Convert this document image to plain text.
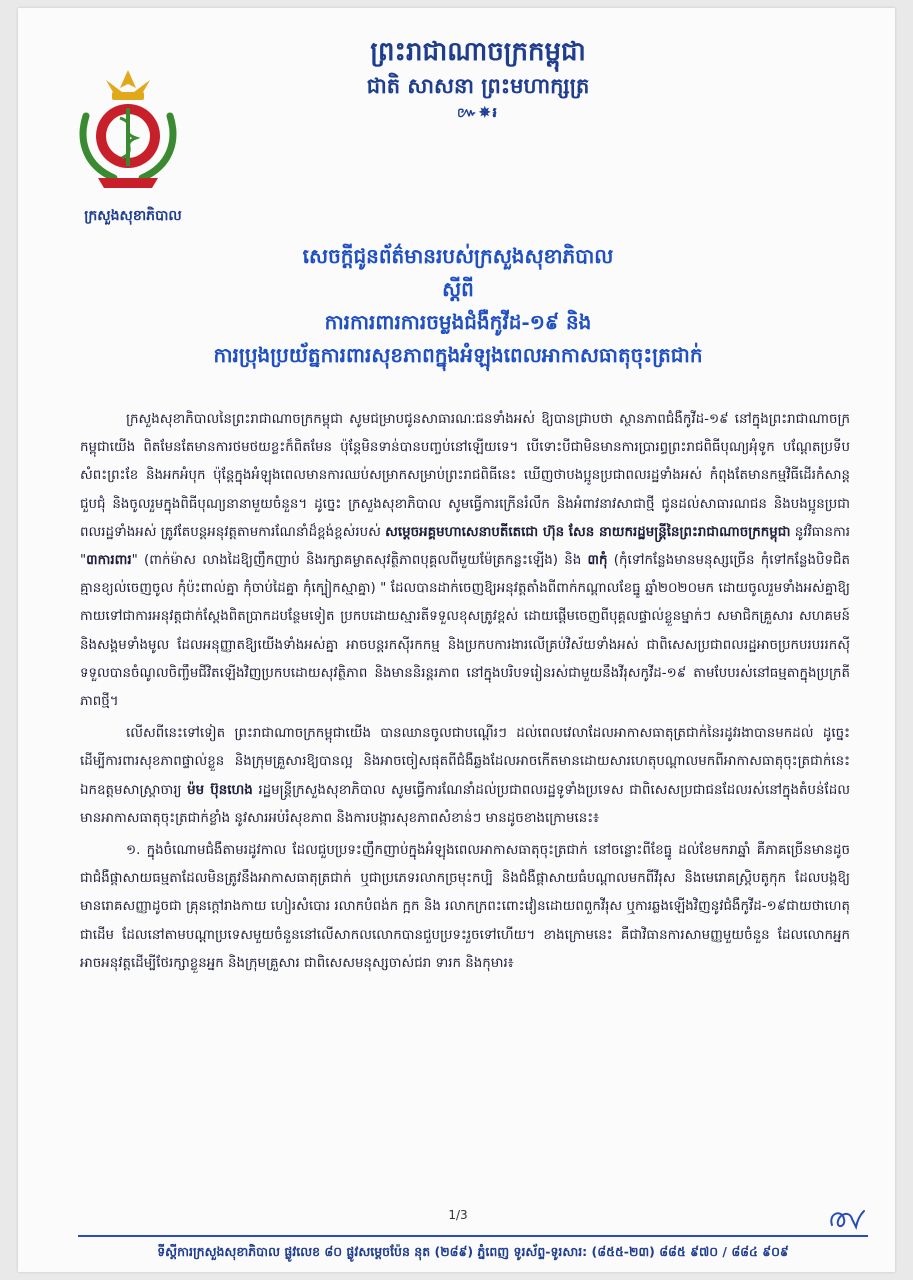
ក្រសួងសុខាភិបាល
ព្រះរាជាណាចក្រកម្ពុជា
ជាតិ សាសនា ព្រះមហាក្សត្រ
៚✵៛
សេចក្តីជូនព័ត៌មានរបស់ក្រសួងសុខាភិបាល
ស្តីពី
ការការពារការចម្លងជំងឺកូវីដ-១៩ និង
ការប្រុងប្រយ័ត្នការពារសុខភាពក្នុងអំឡុងពេលអាកាសធាតុចុះត្រជាក់

ក្រសួងសុខាភិបាលនៃព្រះរាជាណាចក្រកម្ពុជា សូមជម្រាបជូនសាធារណៈជនទាំងអស់ ឱ្យបានជ្រាបថា ស្ថានភាពជំងឺកូវីដ-១៩ នៅក្នុងព្រះរាជាណាចក្រកម្ពុជាយើង ពិតមែនតែមានការថមថយខ្លះក៏ពិតមែន ប៉ុន្តែមិនទាន់បានបញ្ចប់នៅឡើយទេ។ បើទោះបីជាមិនមានការប្រារព្ធព្រះរាជពិធីបុណ្យអុំទូក បណ្តែតប្រទីប សំពះព្រះខែ និងអកអំបុក ប៉ុន្តែក្នុងអំឡុងពេលមានការឈប់សម្រាកសម្រាប់ព្រះរាជពិធីនេះ ឃើញថាបងប្អូនប្រជាពលរដ្ឋទាំងអស់ កំពុងតែមានកម្មវិធីដើរកំសាន្ត ជួបជុំ និងចូលរួមក្នុងពិធីបុណ្យនានាមួយចំនួន។ ដូច្នេះ ក្រសួងសុខាភិបាល សូមធ្វើការក្រើនរំលឹក និងអំពាវនាវសាជាថ្មី ជូនដល់សាធារណជន និងបងប្អូនប្រជាពលរដ្ឋទាំងអស់ ត្រូវតែបន្តអនុវត្តតាមការណែនាំដ៏ខ្ពង់ខ្ពស់របស់ សម្តេចអគ្គមហាសេនាបតីតេជោ ហ៊ុន សែន នាយករដ្ឋមន្ត្រីនៃព្រះរាជាណាចក្រកម្ពុជា នូវវិធានការ "៣ការពារ" (ពាក់ម៉ាស លាងដៃឱ្យញឹកញាប់ និងរក្សាគម្លាតសុវត្ថិភាពបុគ្គលពីមួយម៉ែត្រកន្លះឡើង) និង ៣កុំ (កុំទៅកន្លែងមានមនុស្សច្រើន កុំទៅកន្លែងបិទជិតគ្មានខ្យល់ចេញចូល កុំប៉ះពាល់គ្នា កុំចាប់ដៃគ្នា កុំក្បៀកស្មាគ្នា) " ដែលបានដាក់ចេញឱ្យអនុវត្តតាំងពីពាក់កណ្តាលខែធ្នូ ឆ្នាំ២០២០មក ដោយចូលរួមទាំងអស់គ្នាឱ្យកាយទៅជាការអនុវត្តជាក់ស្តែងពិតប្រាកដបន្ថែមទៀត ប្រកបដោយស្មារតីទទួលខុសត្រូវខ្ពស់ ដោយផ្តើមចេញពីបុគ្គលផ្ទាល់ខ្លួនម្នាក់ៗ សមាជិកគ្រួសារ សហគមន៍ និងសង្គមទាំងមូល ដែលអនុញ្ញាតឱ្យយើងទាំងអស់គ្នា អាចបន្តរកស៊ីរកកម្ម និងប្រកបការងារលើគ្រប់វិស័យទាំងអស់ ជាពិសេសប្រជាពលរដ្ឋអាចប្រកបរបររកស៊ីទទួលបានចំណូលចិញ្ចឹមជីវិតឡើងវិញប្រកបដោយសុវត្ថិភាព និងមាននិរន្តរភាព នៅក្នុងបរិបទរៀនរស់ជាមួយនឹងវីរុសកូវីដ-១៩ តាមបែបរស់នៅធម្មតាក្នុងប្រក្រតីភាពថ្មី។

លើសពីនេះទៅទៀត ព្រះរាជាណាចក្រកម្ពុជាយើង បានឈានចូលជាបណ្តើរៗ ដល់ពេលវេលាដែលអាកាសធាតុត្រជាក់នៃរដូវរងាបានមកដល់ ដូច្នេះ ដើម្បីការពារសុខភាពផ្ទាល់ខ្លួន និងក្រុមគ្រួសារឱ្យបានល្អ និងអាចចៀសផុតពីជំងឺឆ្លងដែលអាចកើតមានដោយសារហេតុបណ្តាលមកពីអាកាសធាតុចុះត្រជាក់នេះ ឯកឧត្តមសាស្ត្រាចារ្យ ម៉ម ប៊ុនហេង រដ្ឋមន្ត្រីក្រសួងសុខាភិបាល សូមធ្វើការណែនាំដល់ប្រជាពលរដ្ឋទូទាំងប្រទេស ជាពិសេសប្រជាជនដែលរស់នៅក្នុងតំបន់ដែលមានអាកាសធាតុចុះត្រជាក់ខ្លាំង នូវសារអប់រំសុខភាព និងការបង្ការសុខភាពសំខាន់ៗ មានដូចខាងក្រោមនេះ៖

១. ក្នុងចំណោមជំងឺតាមរដូវកាល ដែលជួបប្រទះញឹកញាប់ក្នុងអំឡុងពេលអាកាសធាតុចុះត្រជាក់ នៅចន្លោះពីខែធ្នូ ដល់ខែមករាឆ្នាំ គឺភាគច្រើនមានដូចជាជំងឺផ្តាសាយធម្មតាដែលមិនត្រូវនឹងអាកាសធាតុត្រជាក់ ឬជាប្រភេទរលាកច្រមុះកប្បិ និងជំងឺផ្តាសាយធំបណ្តាលមកពីវីរុស និងមេរោគស្ត្រិបតូកុក ដែលបង្កឱ្យមានរោគសញ្ញាដូចជា គ្រុនក្តៅរាងកាយ ហៀរសំបោរ រលាកបំពង់ក ក្អក និង រលាកក្រពះពោះវៀនដោយពពួកវីរុស ឬការឆ្លងឡើងវិញនូវជំងឺកូវីដ-១៩ជាយថាហេតុជាដើម ដែលនៅតាមបណ្តាប្រទេសមួយចំនួននៅលើសាកលលោកបានជួបប្រទះរួចទៅហើយ។ ខាងក្រោមនេះ គឺជាវិធានការសាមញ្ញមួយចំនួន ដែលលោកអ្នកអាចអនុវត្តដើម្បីថែរក្សាខ្លួនអ្នក និងក្រុមគ្រួសារ ជាពិសេសមនុស្សចាស់ជរា ទារក និងកុមារ៖

1/3
ទីស្តីការក្រសួងសុខាភិបាល ផ្លូវលេខ ៨០ ផ្លូវសម្តេចប៉ែន នុត (២៨៩) ភ្នំពេញ ទូរស័ព្ទ-ទូរសារ: (៨៥៥-២៣) ៨៨៥ ៩៧០ / ៨៨៤ ៩០៩
